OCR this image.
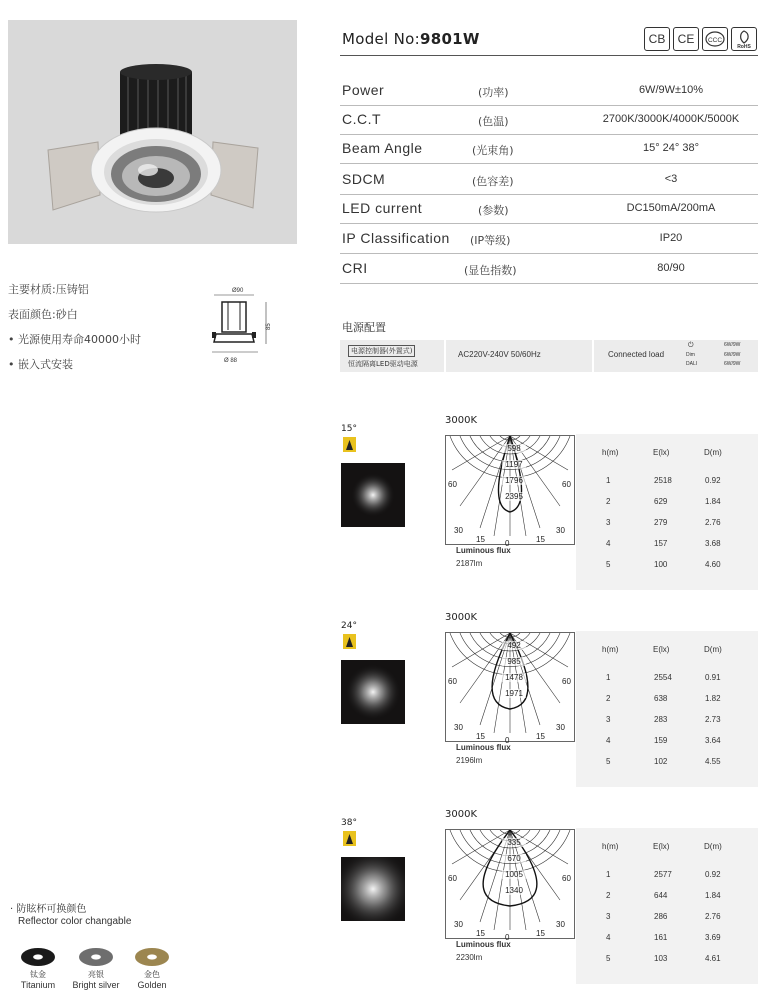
Model No:9801W	CB	CE	CCC
RoHS
Power	(功率)	6W/9W±10%
C.C.T	(色温)	2700K/3000K/4000K/5000K
Beam Angle	(光束角)	15° 24° 38°
SDCM	(色容差)	<3
LED current	(参数)	DC150mA/200mA
IP Classification (IP等级)	IP20
CRI	(显色指数)	80/90
主要材质:压铸铝
表面颜色:砂白
• 光源使用寿命40000小时
• 嵌入式安装
Ø90
85
Ø 88
电源配置
电源控制器(外置式)
恒流隔离LED驱动电源
AC220V-240V 50/60Hz	Connected load
⏻	6W/9W
Dim	6W/9W
DALI	6W/9W
15°
3000K
598
1197
1796
2395
60	60
30
15	0	15
30
Luminous flux
2187lm
h(m)	E(lx)	D(m)
1	2518	0.92
2	629	1.84
3	279	2.76
4	157	3.68
5	100	4.60
24°
3000K
492
985
1478
1971
60	60
30
15	0	15
30
Luminous flux
2196lm
h(m)	E(lx)	D(m)
1	2554	0.91
2	638	1.82
3	283	2.73
4	159	3.64
5	102	4.55
38°
3000K
335
670
1005
1340
60	60
30
15	0	15
30
Luminous flux
2230lm
h(m)	E(lx)	D(m)
1	2577	0.92
2	644	1.84
3	286	2.76
4	161	3.69
5	103	4.61
· 防眩杯可换颜色
Reflector color changable
钛金
Titanium
亮银
Bright silver
金色
Golden
